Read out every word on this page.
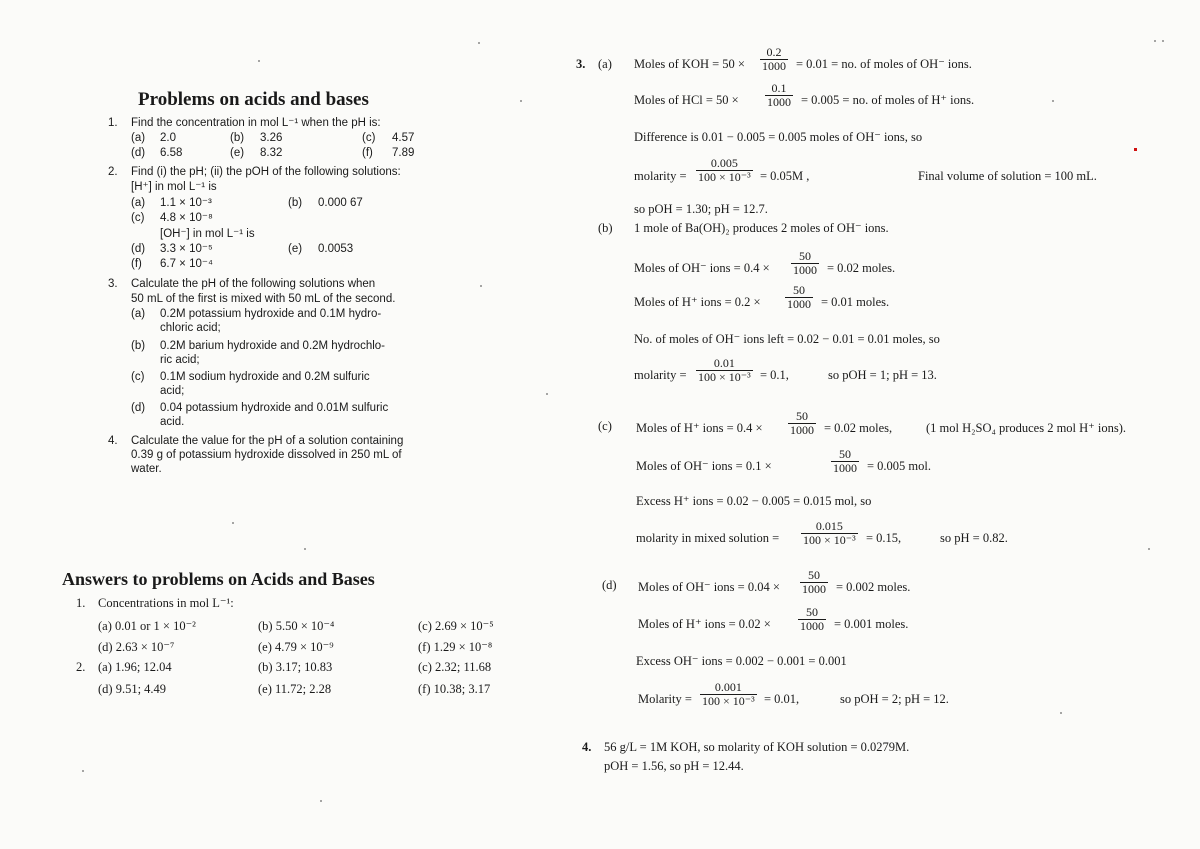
Problems on acids and bases
1. Find the concentration in mol L⁻¹ when the pH is:
(a) 2.0	(b) 3.26	(c) 4.57
(d) 6.58	(e) 8.32	(f) 7.89
2. Find (i) the pH; (ii) the pOH of the following solutions:
[H⁺] in mol L⁻¹ is
(a) 1.1 × 10⁻³	(b) 0.000 67
(c) 4.8 × 10⁻⁸
[OH⁻] in mol L⁻¹ is
(d) 3.3 × 10⁻⁵	(e) 0.0053
(f) 6.7 × 10⁻⁴
3. Calculate the pH of the following solutions when
50 mL of the first is mixed with 50 mL of the second.
(a) 0.2M potassium hydroxide and 0.1M hydro-
chloric acid;
(b) 0.2M barium hydroxide and 0.2M hydrochlo-
ric acid;
(c) 0.1M sodium hydroxide and 0.2M sulfuric
acid;
(d) 0.04 potassium hydroxide and 0.01M sulfuric
acid.
4. Calculate the value for the pH of a solution containing
0.39 g of potassium hydroxide dissolved in 250 mL of
water.
Answers to problems on Acids and Bases
1. Concentrations in mol L⁻¹:
(a) 0.01 or 1 × 10⁻²	(b) 5.50 × 10⁻⁴	(c) 2.69 × 10⁻⁵
(d) 2.63 × 10⁻⁷	(e) 4.79 × 10⁻⁹	(f) 1.29 × 10⁻⁸
2. (a) 1.96; 12.04	(b) 3.17; 10.83	(c) 2.32; 11.68
(d) 9.51; 4.49	(e) 11.72; 2.28	(f) 10.38; 3.17
3. (a) Moles of KOH = $50 \times \frac{0.2}{1000} = 0.01$ = no. of moles of OH⁻ ions.
Moles of HCl = $50 \times \frac{0.1}{1000} = 0.005$ = no. of moles of H⁺ ions.
Difference is 0.01 − 0.005 = 0.005 moles of OH⁻ ions, so
molarity = $\frac{0.005}{\text{100 × 10⁻³}} = 0.05M$ ,	Final volume of solution = 100 mL.
so pOH = 1.30; pH = 12.7.
(b) 1 mole of Ba(OH)₂ produces 2 moles of OH⁻ ions.
Moles of OH⁻ ions = $0.4 \times \frac{50}{1000} = 0.02$ moles.
Moles of H⁺ ions = $0.2 \times \frac{50}{1000} = 0.01$ moles.
No. of moles of OH⁻ ions left = 0.02 − 0.01 = 0.01 moles, so
molarity = $\frac{0.01}{\text{100 × 10⁻³}} = 0.1$,	so pOH = 1; pH = 13.
(c) Moles of H⁺ ions = $0.4 \times \frac{50}{1000} = 0.02$ moles,	(1 mol H₂SO₄ produces 2 mol H⁺ ions).
Moles of OH⁻ ions = 0.1 ×	$\frac{50}{1000} = 0.005$ mol.
Excess H⁺ ions = 0.02 − 0.005 = 0.015 mol, so
molarity in mixed solution = $\frac{0.015}{\text{100 × 10⁻³}} = 0.15$,	so pH = 0.82.
(d) Moles of OH⁻ ions = $0.04 \times \frac{50}{1000} = 0.002$ moles.
Moles of H⁺ ions = $0.02 \times \frac{50}{1000} = 0.001$ moles.
Excess OH⁻ ions = 0.002 − 0.001 = 0.001
Molarity = $\frac{0.001}{\text{100 × 10⁻³}} = 0.01$,	so pOH = 2; pH = 12.
4. 56 g/L = 1M KOH, so molarity of KOH solution = 0.0279M.
pOH = 1.56, so pH = 12.44.
